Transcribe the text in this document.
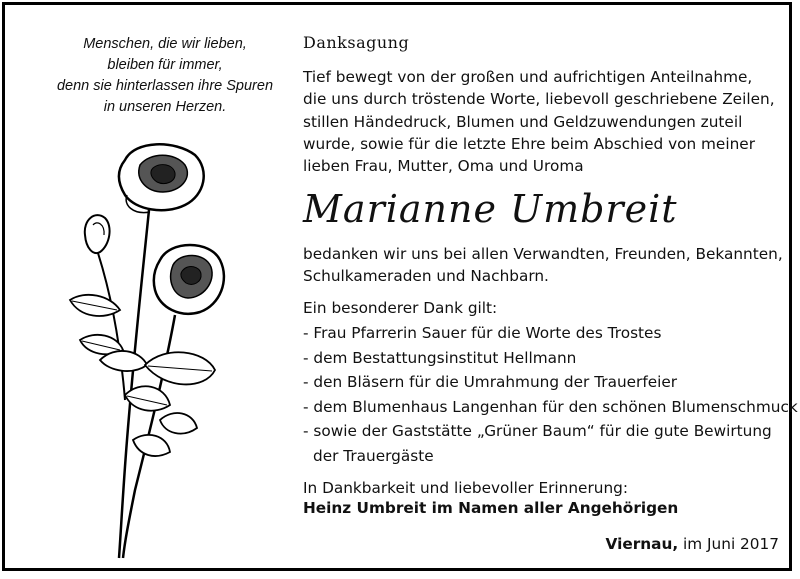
Menschen, die wir lieben,
bleiben für immer,
denn sie hinterlassen ihre Spuren
in unseren Herzen.
Danksagung
Tief bewegt von der großen und aufrichtigen Anteilnahme,
die uns durch tröstende Worte, liebevoll geschriebene Zeilen,
stillen Händedruck, Blumen und Geldzuwendungen zuteil
wurde, sowie für die letzte Ehre beim Abschied von meiner
lieben Frau, Mutter, Oma und Uroma
Marianne Umbreit
bedanken wir uns bei allen Verwandten, Freunden, Bekannten,
Schulkameraden und Nachbarn.
Ein besonderer Dank gilt:
- Frau Pfarrerin Sauer für die Worte des Trostes
- dem Bestattungsinstitut Hellmann
- den Bläsern für die Umrahmung der Trauerfeier
- dem Blumenhaus Langenhan für den schönen Blumenschmuck
- sowie der Gaststätte „Grüner Baum“ für die gute Bewirtung
der Trauergäste
In Dankbarkeit und liebevoller Erinnerung:
Heinz Umbreit im Namen aller Angehörigen
Viernau, im Juni 2017
